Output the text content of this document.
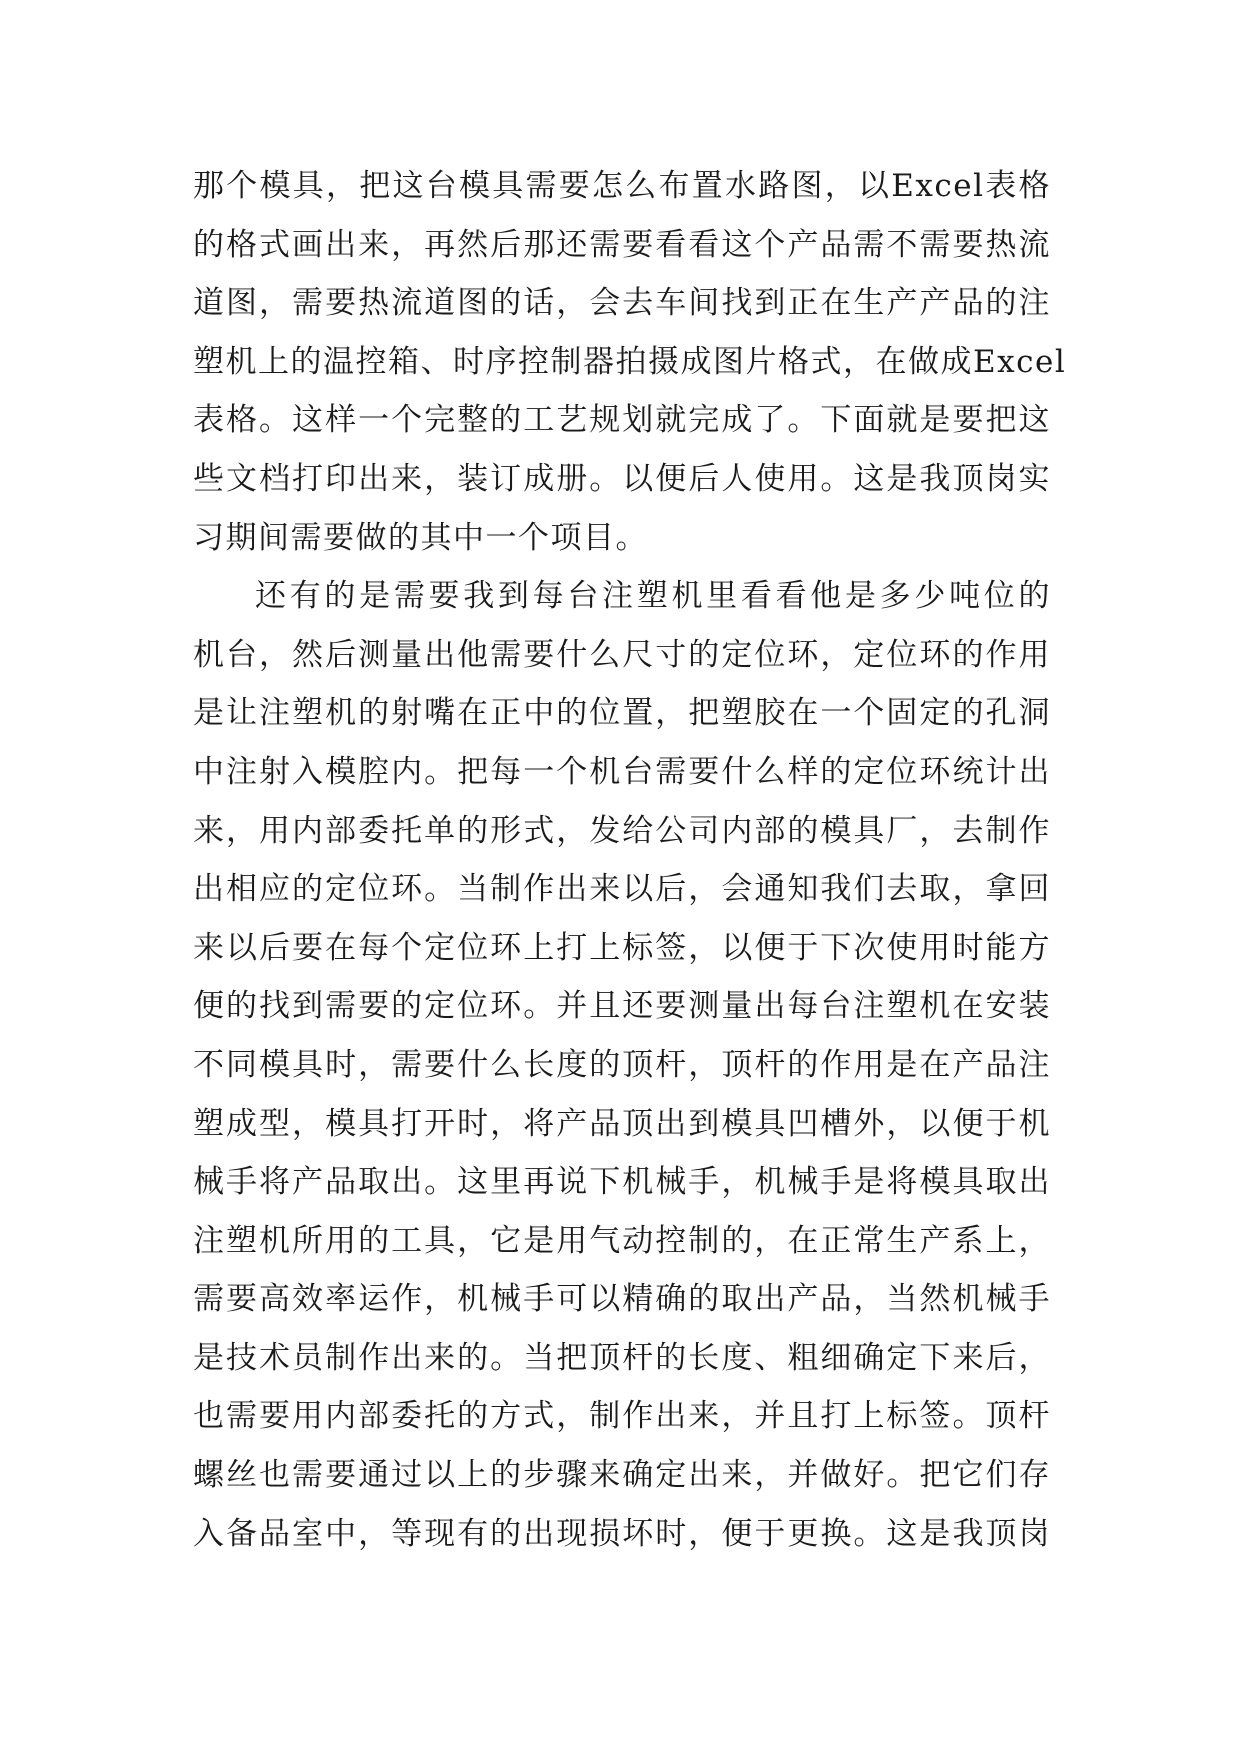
那个模具，把这台模具需要怎么布置水路图，以Excel表格
的格式画出来，再然后那还需要看看这个产品需不需要热流
道图，需要热流道图的话，会去车间找到正在生产产品的注
塑机上的温控箱、时序控制器拍摄成图片格式，在做成Excel
表格。这样一个完整的工艺规划就完成了。下面就是要把这
些文档打印出来，装订成册。以便后人使用。这是我顶岗实
习期间需要做的其中一个项目。
还有的是需要我到每台注塑机里看看他是多少吨位的
机台，然后测量出他需要什么尺寸的定位环，定位环的作用
是让注塑机的射嘴在正中的位置，把塑胶在一个固定的孔洞
中注射入模腔内。把每一个机台需要什么样的定位环统计出
来，用内部委托单的形式，发给公司内部的模具厂，去制作
出相应的定位环。当制作出来以后，会通知我们去取，拿回
来以后要在每个定位环上打上标签，以便于下次使用时能方
便的找到需要的定位环。并且还要测量出每台注塑机在安装
不同模具时，需要什么长度的顶杆，顶杆的作用是在产品注
塑成型，模具打开时，将产品顶出到模具凹槽外，以便于机
械手将产品取出。这里再说下机械手，机械手是将模具取出
注塑机所用的工具，它是用气动控制的，在正常生产系上，
需要高效率运作，机械手可以精确的取出产品，当然机械手
是技术员制作出来的。当把顶杆的长度、粗细确定下来后，
也需要用内部委托的方式，制作出来，并且打上标签。顶杆
螺丝也需要通过以上的步骤来确定出来，并做好。把它们存
入备品室中，等现有的出现损坏时，便于更换。这是我顶岗
